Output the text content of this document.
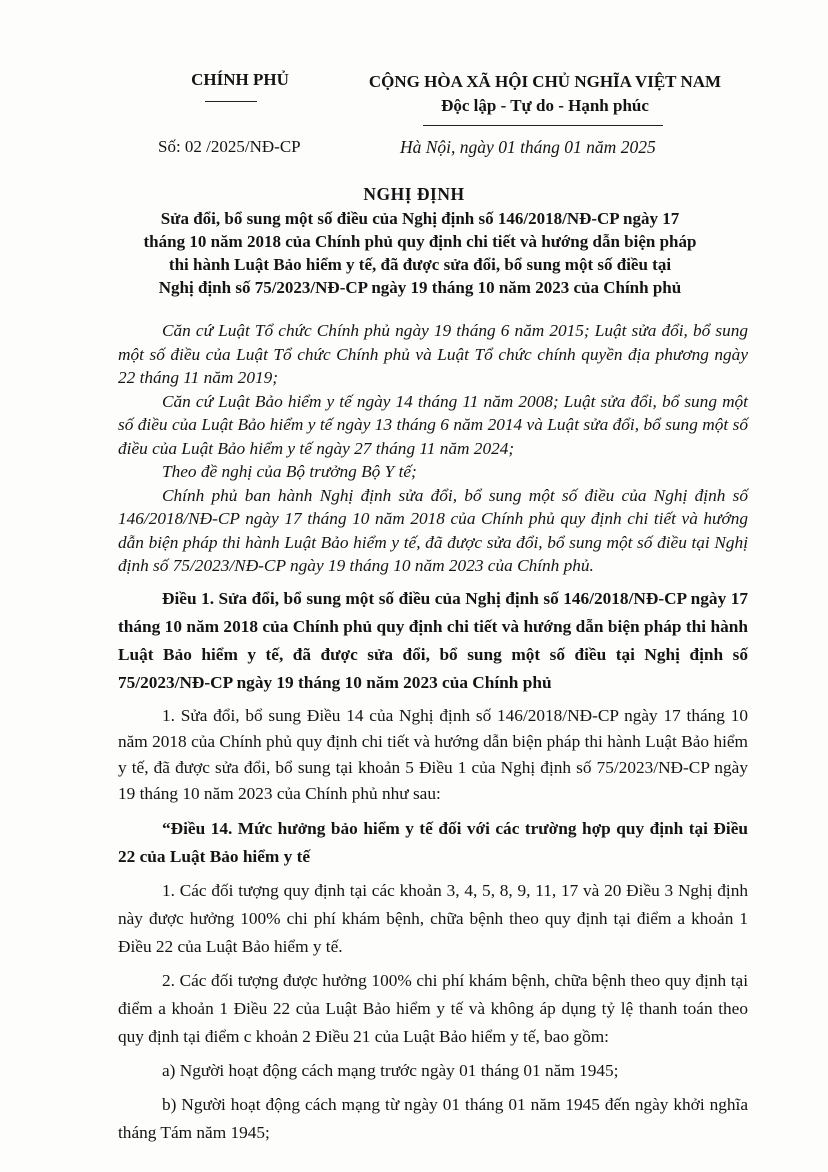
CHÍNH PHỦ	CỘNG HÒA XÃ HỘI CHỦ NGHĨA VIỆT NAM
Độc lập - Tự do - Hạnh phúc
Số: 02 /2025/NĐ-CP	Hà Nội, ngày 01 tháng 01 năm 2025
NGHỊ ĐỊNH
Sửa đổi, bổ sung một số điều của Nghị định số 146/2018/NĐ-CP ngày 17
tháng 10 năm 2018 của Chính phủ quy định chi tiết và hướng dẫn biện pháp
thi hành Luật Bảo hiểm y tế, đã được sửa đổi, bổ sung một số điều tại
Nghị định số 75/2023/NĐ-CP ngày 19 tháng 10 năm 2023 của Chính phủ

Căn cứ Luật Tổ chức Chính phủ ngày 19 tháng 6 năm 2015; Luật sửa đổi, bổ sung một số điều của Luật Tổ chức Chính phủ và Luật Tổ chức chính quyền địa phương ngày 22 tháng 11 năm 2019;

Căn cứ Luật Bảo hiểm y tế ngày 14 tháng 11 năm 2008; Luật sửa đổi, bổ sung một số điều của Luật Bảo hiểm y tế ngày 13 tháng 6 năm 2014 và Luật sửa đổi, bổ sung một số điều của Luật Bảo hiểm y tế ngày 27 tháng 11 năm 2024;

Theo đề nghị của Bộ trưởng Bộ Y tế;

Chính phủ ban hành Nghị định sửa đổi, bổ sung một số điều của Nghị định số 146/2018/NĐ-CP ngày 17 tháng 10 năm 2018 của Chính phủ quy định chi tiết và hướng dẫn biện pháp thi hành Luật Bảo hiểm y tế, đã được sửa đổi, bổ sung một số điều tại Nghị định số 75/2023/NĐ-CP ngày 19 tháng 10 năm 2023 của Chính phủ.

Điều 1. Sửa đổi, bổ sung một số điều của Nghị định số 146/2018/NĐ-CP ngày 17 tháng 10 năm 2018 của Chính phủ quy định chi tiết và hướng dẫn biện pháp thi hành Luật Bảo hiểm y tế, đã được sửa đổi, bổ sung một số điều tại Nghị định số 75/2023/NĐ-CP ngày 19 tháng 10 năm 2023 của Chính phủ

1. Sửa đổi, bổ sung Điều 14 của Nghị định số 146/2018/NĐ-CP ngày 17 tháng 10 năm 2018 của Chính phủ quy định chi tiết và hướng dẫn biện pháp thi hành Luật Bảo hiểm y tế, đã được sửa đổi, bổ sung tại khoản 5 Điều 1 của Nghị định số 75/2023/NĐ-CP ngày 19 tháng 10 năm 2023 của Chính phủ như sau:

“Điều 14. Mức hưởng bảo hiểm y tế đối với các trường hợp quy định tại Điều 22 của Luật Bảo hiểm y tế

1. Các đối tượng quy định tại các khoản 3, 4, 5, 8, 9, 11, 17 và 20 Điều 3 Nghị định này được hưởng 100% chi phí khám bệnh, chữa bệnh theo quy định tại điểm a khoản 1 Điều 22 của Luật Bảo hiểm y tế.

2. Các đối tượng được hưởng 100% chi phí khám bệnh, chữa bệnh theo quy định tại điểm a khoản 1 Điều 22 của Luật Bảo hiểm y tế và không áp dụng tỷ lệ thanh toán theo quy định tại điểm c khoản 2 Điều 21 của Luật Bảo hiểm y tế, bao gồm:

a) Người hoạt động cách mạng trước ngày 01 tháng 01 năm 1945;

b) Người hoạt động cách mạng từ ngày 01 tháng 01 năm 1945 đến ngày khởi nghĩa tháng Tám năm 1945;
